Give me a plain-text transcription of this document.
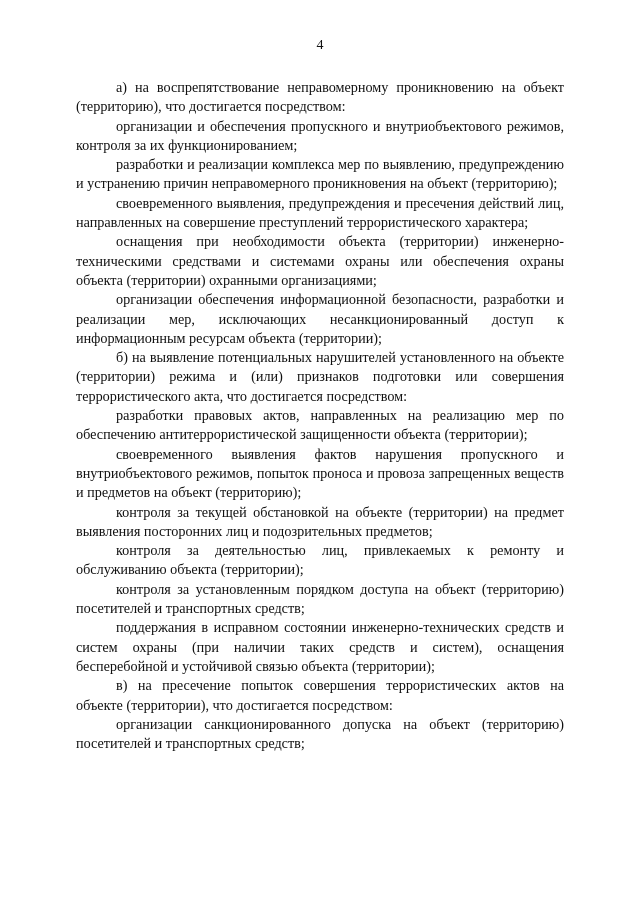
4

а) на воспрепятствование неправомерному проникновению на объект (территорию), что достигается посредством:

организации и обеспечения пропускного и внутриобъектового режимов, контроля за их функционированием;

разработки и реализации комплекса мер по выявлению, предупреждению и устранению причин неправомерного проникновения на объект (территорию);

своевременного выявления, предупреждения и пресечения действий лиц, направленных на совершение преступлений террористического характера;

оснащения при необходимости объекта (территории) инженерно-техническими средствами и системами охраны или обеспечения охраны объекта (территории) охранными организациями;

организации обеспечения информационной безопасности, разработки и реализации мер, исключающих несанкционированный доступ к информационным ресурсам объекта (территории);

б) на выявление потенциальных нарушителей установленного на объекте (территории) режима и (или) признаков подготовки или совершения террористического акта, что достигается посредством:

разработки правовых актов, направленных на реализацию мер по обеспечению антитеррористической защищенности объекта (территории);

своевременного выявления фактов нарушения пропускного и внутриобъектового режимов, попыток проноса и провоза запрещенных веществ и предметов на объект (территорию);

контроля за текущей обстановкой на объекте (территории) на предмет выявления посторонних лиц и подозрительных предметов;

контроля за деятельностью лиц, привлекаемых к ремонту и обслуживанию объекта (территории);

контроля за установленным порядком доступа на объект (территорию) посетителей и транспортных средств;

поддержания в исправном состоянии инженерно-технических средств и систем охраны (при наличии таких средств и систем), оснащения бесперебойной и устойчивой связью объекта (территории);

в) на пресечение попыток совершения террористических актов на объекте (территории), что достигается посредством:

организации санкционированного допуска на объект (территорию) посетителей и транспортных средств;
